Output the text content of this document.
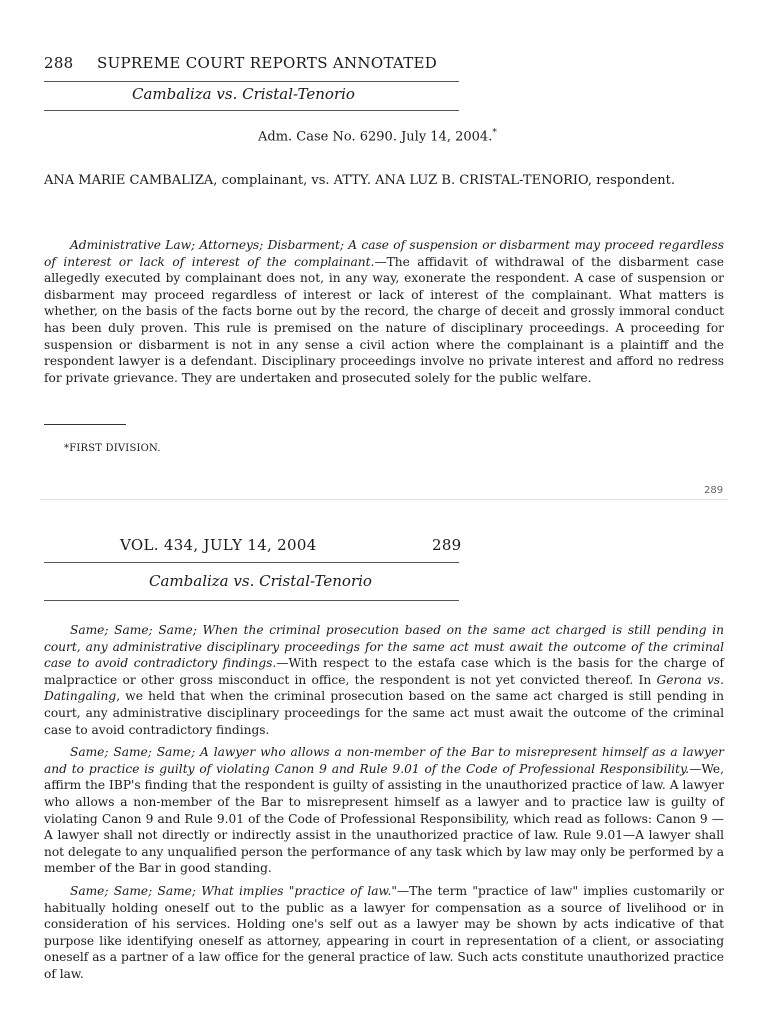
288 SUPREME COURT REPORTS ANNOTATED
Cambaliza vs. Cristal-Tenorio
Adm. Case No. 6290. July 14, 2004.*
ANA MARIE CAMBALIZA, complainant, vs. ATTY. ANA LUZ B. CRISTAL-TENORIO, respondent.

Administrative Law; Attorneys; Disbarment; A case of suspension or disbarment may proceed regardless of interest or lack of interest of the complainant.—The affidavit of withdrawal of the disbarment case allegedly executed by complainant does not, in any way, exonerate the respondent. A case of suspension or disbarment may proceed regardless of interest or lack of interest of the complainant. What matters is whether, on the basis of the facts borne out by the record, the charge of deceit and grossly immoral conduct has been duly proven. This rule is premised on the nature of disciplinary proceedings. A proceeding for suspension or disbarment is not in any sense a civil action where the complainant is a plaintiff and the respondent lawyer is a defendant. Disciplinary proceedings involve no private interest and afford no redress for private grievance. They are undertaken and prosecuted solely for the public welfare.

*FIRST DIVISION.
289
VOL. 434, JULY 14, 2004	289
Cambaliza vs. Cristal-Tenorio

Same; Same; Same; When the criminal prosecution based on the same act charged is still pending in court, any administrative disciplinary proceedings for the same act must await the outcome of the criminal case to avoid contradictory findings.—With respect to the estafa case which is the basis for the charge of malpractice or other gross misconduct in office, the respondent is not yet convicted thereof. In Gerona vs. Datingaling, we held that when the criminal prosecution based on the same act charged is still pending in court, any administrative disciplinary proceedings for the same act must await the outcome of the criminal case to avoid contradictory findings.

Same; Same; Same; A lawyer who allows a non-member of the Bar to misrepresent himself as a lawyer and to practice is guilty of violating Canon 9 and Rule 9.01 of the Code of Professional Responsibility.—We, affirm the IBP's finding that the respondent is guilty of assisting in the unauthorized practice of law. A lawyer who allows a non-member of the Bar to misrepresent himself as a lawyer and to practice law is guilty of violating Canon 9 and Rule 9.01 of the Code of Professional Responsibility, which read as follows: Canon 9 —A lawyer shall not directly or indirectly assist in the unauthorized practice of law. Rule 9.01—A lawyer shall not delegate to any unqualified person the performance of any task which by law may only be performed by a member of the Bar in good standing.

Same; Same; Same; What implies "practice of law."—The term "practice of law" implies customarily or habitually holding oneself out to the public as a lawyer for compensation as a source of livelihood or in consideration of his services. Holding one's self out as a lawyer may be shown by acts indicative of that purpose like identifying oneself as attorney, appearing in court in representation of a client, or associating oneself as a partner of a law office for the general practice of law. Such acts constitute unauthorized practice of law.
